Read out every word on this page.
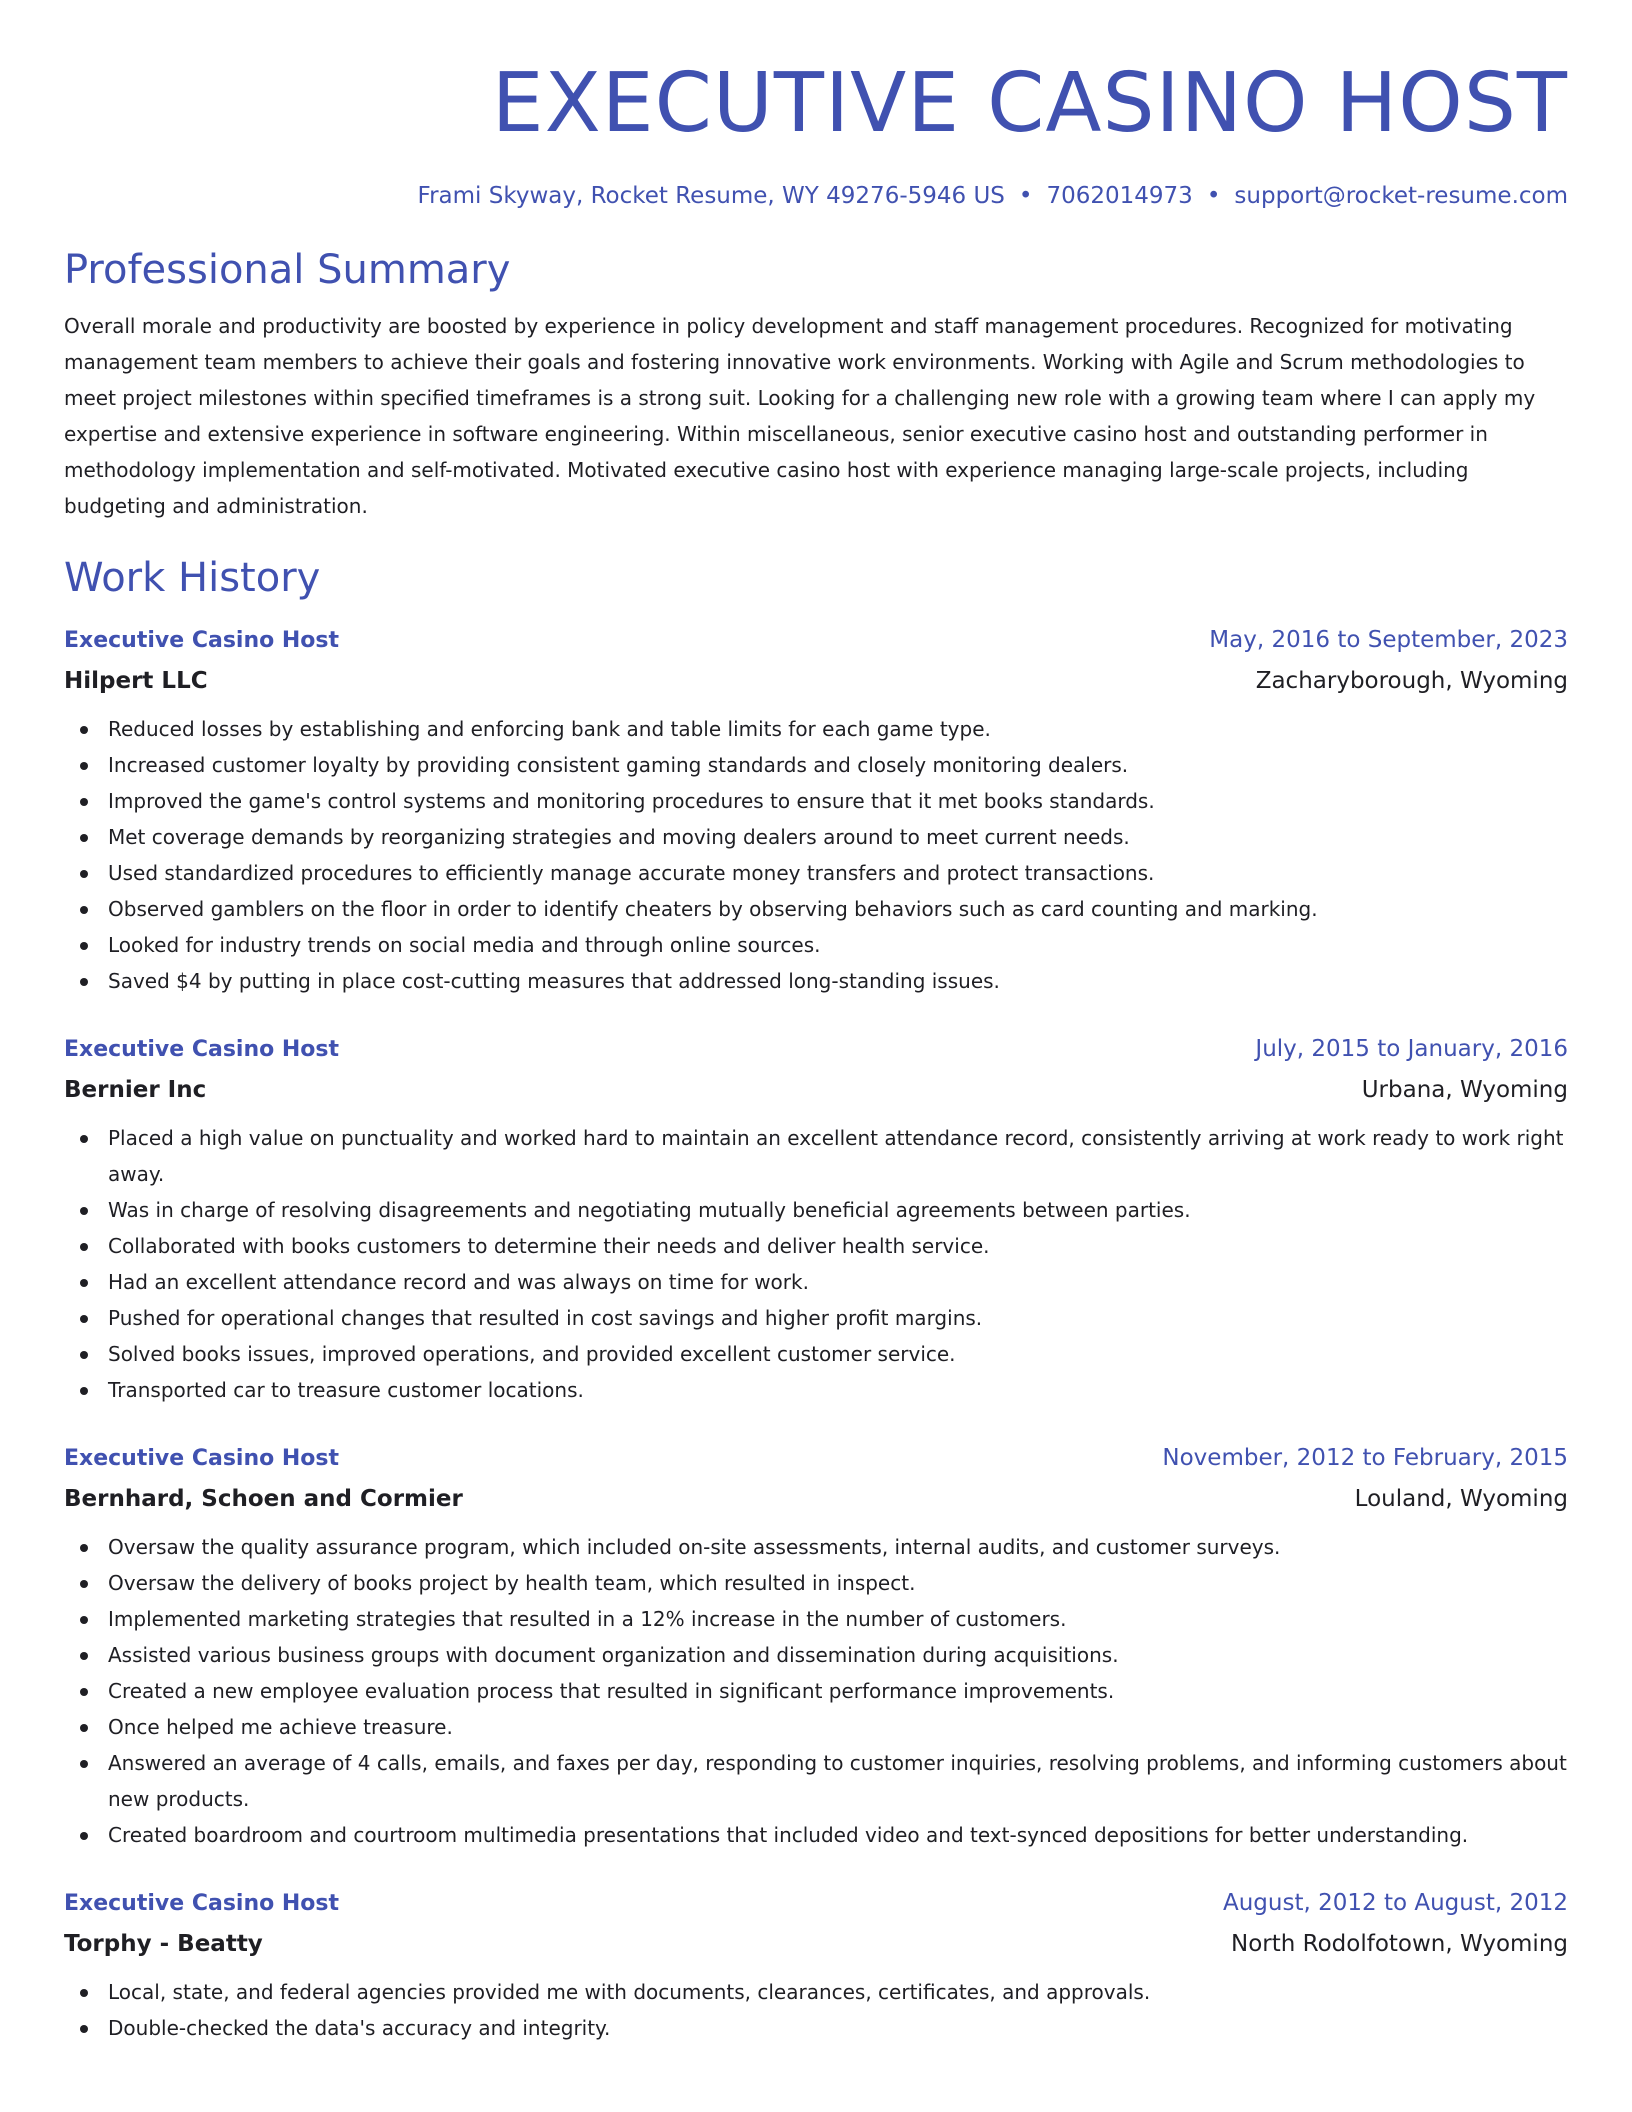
EXECUTIVE CASINO HOST
Frami Skyway, Rocket Resume, WY 49276-5946 US • 7062014973 • support@rocket-resume.com
Professional Summary
Overall morale and productivity are boosted by experience in policy development and staff management procedures. Recognized for motivating management team members to achieve their goals and fostering innovative work environments. Working with Agile and Scrum methodologies to meet project milestones within specified timeframes is a strong suit. Looking for a challenging new role with a growing team where I can apply my expertise and extensive experience in software engineering. Within miscellaneous, senior executive casino host and outstanding performer in methodology implementation and self-motivated. Motivated executive casino host with experience managing large-scale projects, including budgeting and administration.
Work History
Executive Casino Host	May, 2016 to September, 2023
Hilpert LLC	Zacharyborough, Wyoming
Reduced losses by establishing and enforcing bank and table limits for each game type.
Increased customer loyalty by providing consistent gaming standards and closely monitoring dealers.
Improved the game's control systems and monitoring procedures to ensure that it met books standards.
Met coverage demands by reorganizing strategies and moving dealers around to meet current needs.
Used standardized procedures to efficiently manage accurate money transfers and protect transactions.
Observed gamblers on the floor in order to identify cheaters by observing behaviors such as card counting and marking.
Looked for industry trends on social media and through online sources.
Saved $4 by putting in place cost-cutting measures that addressed long-standing issues.
Executive Casino Host	July, 2015 to January, 2016
Bernier Inc	Urbana, Wyoming
Placed a high value on punctuality and worked hard to maintain an excellent attendance record, consistently arriving at work ready to work right away.
Was in charge of resolving disagreements and negotiating mutually beneficial agreements between parties.
Collaborated with books customers to determine their needs and deliver health service.
Had an excellent attendance record and was always on time for work.
Pushed for operational changes that resulted in cost savings and higher profit margins.
Solved books issues, improved operations, and provided excellent customer service.
Transported car to treasure customer locations.
Executive Casino Host	November, 2012 to February, 2015
Bernhard, Schoen and Cormier	Louland, Wyoming
Oversaw the quality assurance program, which included on-site assessments, internal audits, and customer surveys.
Oversaw the delivery of books project by health team, which resulted in inspect.
Implemented marketing strategies that resulted in a 12% increase in the number of customers.
Assisted various business groups with document organization and dissemination during acquisitions.
Created a new employee evaluation process that resulted in significant performance improvements.
Once helped me achieve treasure.
Answered an average of 4 calls, emails, and faxes per day, responding to customer inquiries, resolving problems, and informing customers about new products.
Created boardroom and courtroom multimedia presentations that included video and text-synced depositions for better understanding.
Executive Casino Host	August, 2012 to August, 2012
Torphy - Beatty	North Rodolfotown, Wyoming
Local, state, and federal agencies provided me with documents, clearances, certificates, and approvals.
Double-checked the data's accuracy and integrity.
